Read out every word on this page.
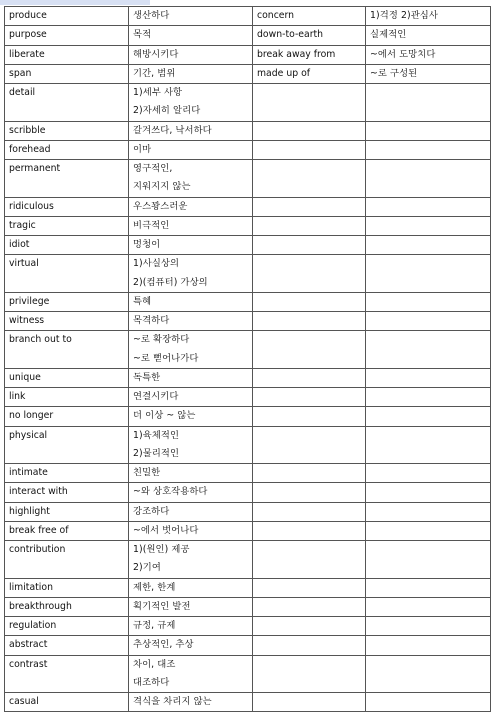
produce	생산하다	concern	1)걱정 2)관심사

purpose	목적	down-to-earth	실제적인

liberate	해방시키다	break away from	~에서 도망치다

span	기간, 범위	made up of	~로 구성된

detail	1)세부 사항
2)자세히 알리다		

scribble	갈겨쓰다, 낙서하다		

forehead	이마		

permanent	영구적인,
지워지지 않는		

ridiculous	우스꽝스러운		

tragic	비극적인		

idiot	멍청이		

virtual	1)사실상의
2)(컴퓨터) 가상의		

privilege	특혜		

witness	목격하다		

branch out to	~로 확장하다
~로 뻗어나가다		

unique	독특한		

link	연결시키다		

no longer	더 이상 ~ 않는		

physical	1)육체적인
2)물리적인		

intimate	친밀한		

interact with	~와 상호작용하다		

highlight	강조하다		

break free of	~에서 벗어나다		

contribution	1)(원인) 제공
2)기여		

limitation	제한, 한계		

breakthrough	획기적인 발전		

regulation	규정, 규제		

abstract	추상적인, 추상		

contrast	차이, 대조
대조하다		

casual	격식을 차리지 않는		
